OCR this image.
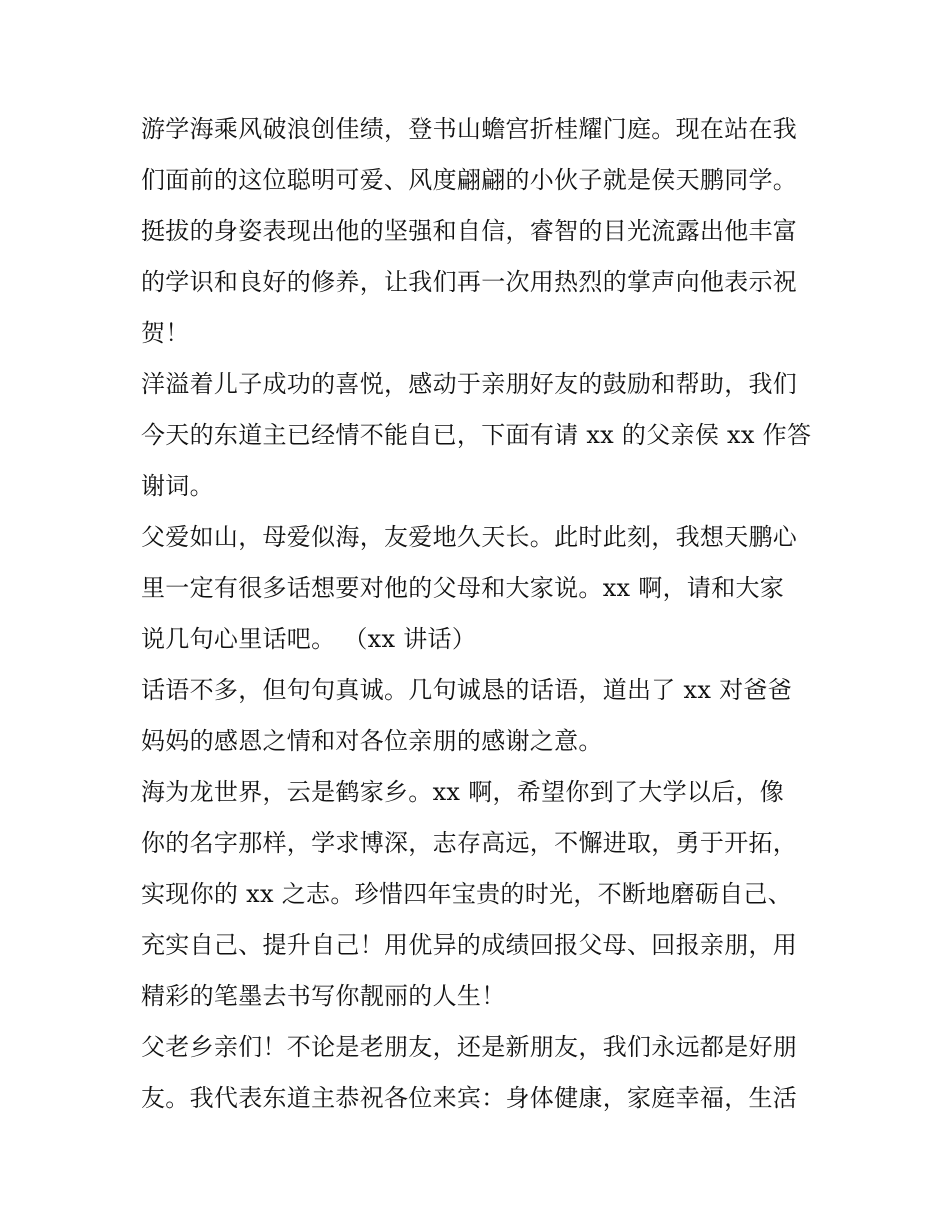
游学海乘风破浪创佳绩，登书山蟾宫折桂耀门庭。现在站在我
们面前的这位聪明可爱、风度翩翩的小伙子就是侯天鹏同学。
挺拔的身姿表现出他的坚强和自信，睿智的目光流露出他丰富
的学识和良好的修养，让我们再一次用热烈的掌声向他表示祝
贺！

洋溢着儿子成功的喜悦，感动于亲朋好友的鼓励和帮助，我们
今天的东道主已经情不能自已，下面有请 xx 的父亲侯 xx 作答
谢词。

父爱如山，母爱似海，友爱地久天长。此时此刻，我想天鹏心
里一定有很多话想要对他的父母和大家说。xx 啊，请和大家
说几句心里话吧。 （xx 讲话）

话语不多，但句句真诚。几句诚恳的话语，道出了 xx 对爸爸
妈妈的感恩之情和对各位亲朋的感谢之意。

海为龙世界，云是鹤家乡。xx 啊，希望你到了大学以后，像
你的名字那样，学求博深，志存高远，不懈进取，勇于开拓，
实现你的 xx 之志。珍惜四年宝贵的时光，不断地磨砺自己、
充实自己、提升自己！用优异的成绩回报父母、回报亲朋，用
精彩的笔墨去书写你靓丽的人生！

父老乡亲们！不论是老朋友，还是新朋友，我们永远都是好朋
友。我代表东道主恭祝各位来宾：身体健康，家庭幸福，生活
